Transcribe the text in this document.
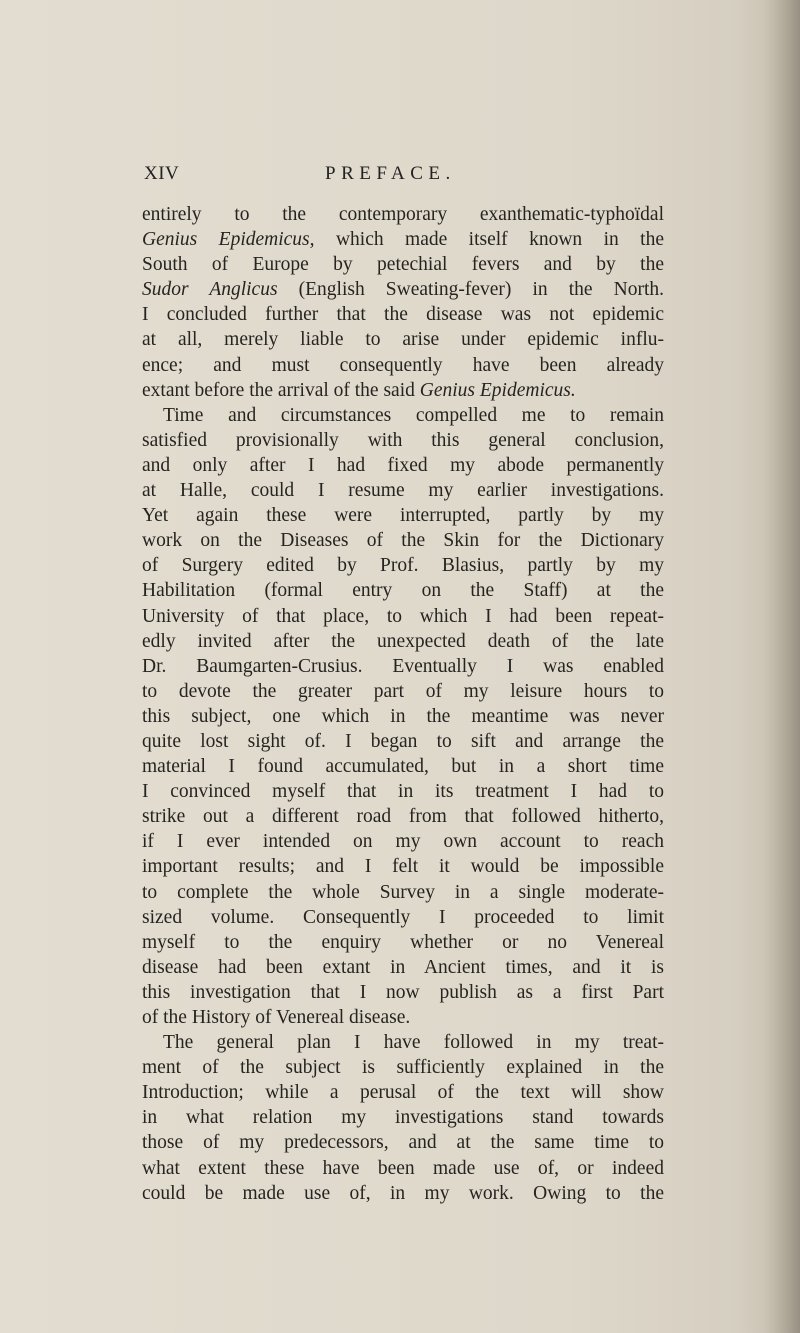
XIV	PREFACE.
entirely to the contemporary exanthematic-typhoïdal
Genius Epidemicus, which made itself known in the
South of Europe by petechial fevers and by the
Sudor Anglicus (English Sweating-fever) in the North.
I concluded further that the disease was not epidemic
at all, merely liable to arise under epidemic influ-
ence; and must consequently have been already
extant before the arrival of the said Genius Epidemicus.
Time and circumstances compelled me to remain
satisfied provisionally with this general conclusion,
and only after I had fixed my abode permanently
at Halle, could I resume my earlier investigations.
Yet again these were interrupted, partly by my
work on the Diseases of the Skin for the Dictionary
of Surgery edited by Prof. Blasius, partly by my
Habilitation (formal entry on the Staff) at the
University of that place, to which I had been repeat-
edly invited after the unexpected death of the late
Dr. Baumgarten-Crusius. Eventually I was enabled
to devote the greater part of my leisure hours to
this subject, one which in the meantime was never
quite lost sight of. I began to sift and arrange the
material I found accumulated, but in a short time
I convinced myself that in its treatment I had to
strike out a different road from that followed hitherto,
if I ever intended on my own account to reach
important results; and I felt it would be impossible
to complete the whole Survey in a single moderate-
sized volume. Consequently I proceeded to limit
myself to the enquiry whether or no Venereal
disease had been extant in Ancient times, and it is
this investigation that I now publish as a first Part
of the History of Venereal disease.
The general plan I have followed in my treat-
ment of the subject is sufficiently explained in the
Introduction; while a perusal of the text will show
in what relation my investigations stand towards
those of my predecessors, and at the same time to
what extent these have been made use of, or indeed
could be made use of, in my work. Owing to the
